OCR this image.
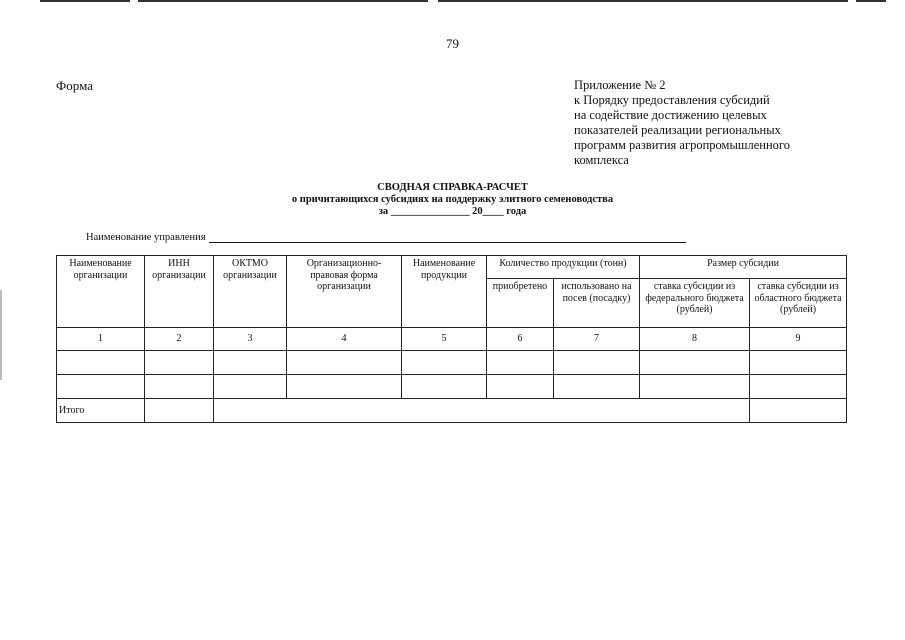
79
Форма	Приложение № 2
к Порядку предоставления субсидий
на содействие достижению целевых
показателей реализации региональных
программ развития агропромышленного
комплекса
СВОДНАЯ СПРАВКА-РАСЧЕТ
о причитающихся субсидиях на поддержку элитного семеноводства
за _______________ 20____ года
Наименование управления
Наименование организации	ИНН организации	ОКТМО организации	Организационно-правовая форма организации	Наименование продукции	Количество продукции (тонн)		Размер субсидии	
					приобретено	использовано на посев (посадку)	ставка субсидии из федерального бюджета (рублей)	ставка субсидии из областного бюджета (рублей)
1	2	3	4	5	6	7	8	9

Итого								
